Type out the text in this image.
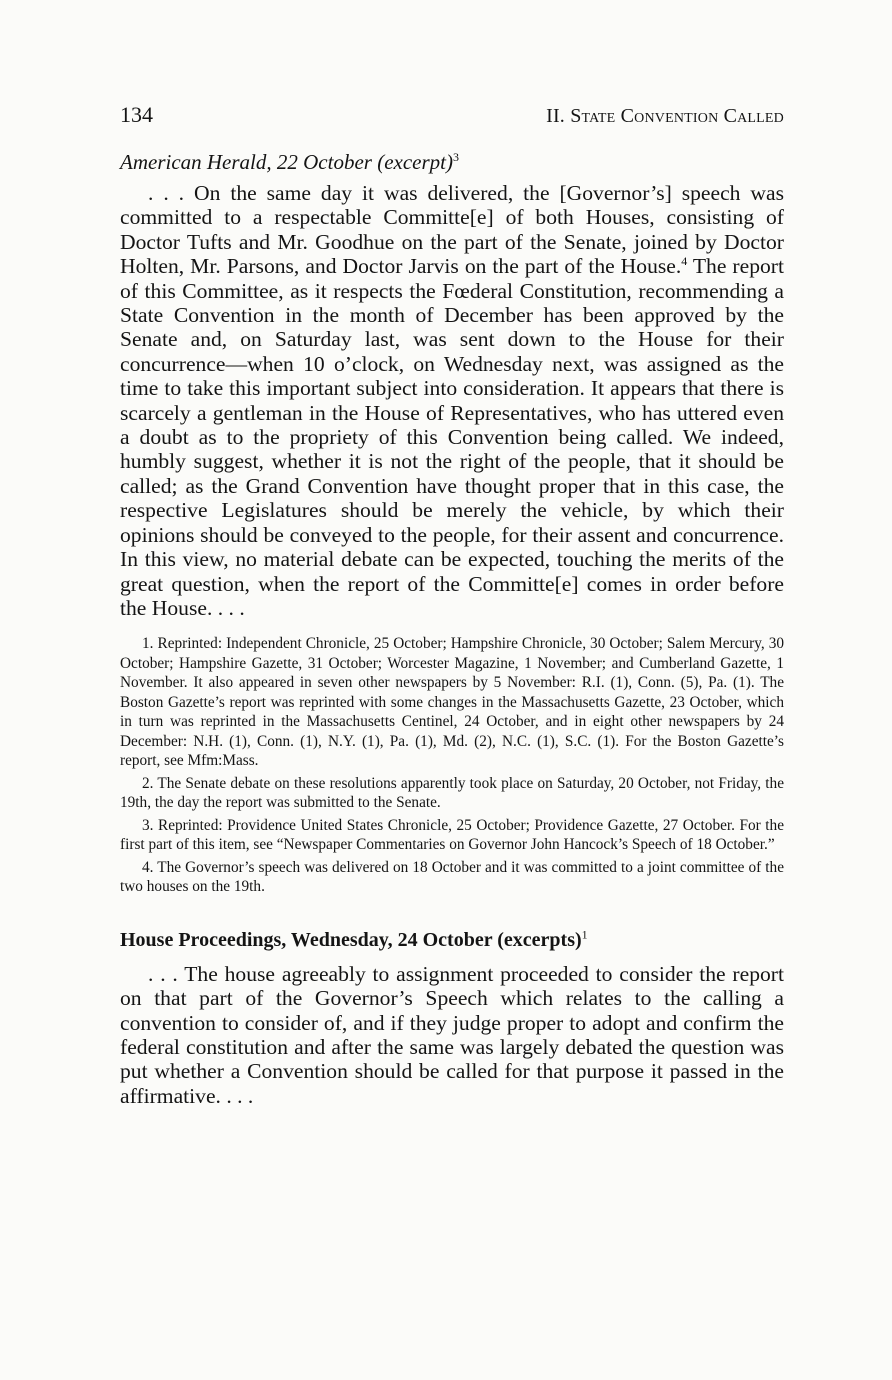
134	II. State Convention Called
American Herald, 22 October (excerpt)$^3$

. . . On the same day it was delivered, the [Governor’s] speech was committed to a respectable Committe[e] of both Houses, consisting of Doctor Tufts and Mr. Goodhue on the part of the Senate, joined by Doctor Holten, Mr. Parsons, and Doctor Jarvis on the part of the House.$^4$ The report of this Committee, as it respects the Fœderal Constitution, recommending a State Convention in the month of December has been approved by the Senate and, on Saturday last, was sent down to the House for their concurrence—when 10 o’clock, on Wednesday next, was assigned as the time to take this important subject into consideration. It appears that there is scarcely a gentleman in the House of Representatives, who has uttered even a doubt as to the propriety of this Convention being called. We indeed, humbly suggest, whether it is not the right of the people, that it should be called; as the Grand Convention have thought proper that in this case, the respective Legislatures should be merely the vehicle, by which their opinions should be conveyed to the people, for their assent and concurrence. In this view, no material debate can be expected, touching the merits of the great question, when the report of the Committe[e] comes in order before the House. . . .

1. Reprinted: Independent Chronicle, 25 October; Hampshire Chronicle, 30 October; Salem Mercury, 30 October; Hampshire Gazette, 31 October; Worcester Magazine, 1 November; and Cumberland Gazette, 1 November. It also appeared in seven other newspapers by 5 November: R.I. (1), Conn. (5), Pa. (1). The Boston Gazette’s report was reprinted with some changes in the Massachusetts Gazette, 23 October, which in turn was reprinted in the Massachusetts Centinel, 24 October, and in eight other newspapers by 24 December: N.H. (1), Conn. (1), N.Y. (1), Pa. (1), Md. (2), N.C. (1), S.C. (1). For the Boston Gazette’s report, see Mfm:Mass.

2. The Senate debate on these resolutions apparently took place on Saturday, 20 October, not Friday, the 19th, the day the report was submitted to the Senate.

3. Reprinted: Providence United States Chronicle, 25 October; Providence Gazette, 27 October. For the first part of this item, see “Newspaper Commentaries on Governor John Hancock’s Speech of 18 October.”

4. The Governor’s speech was delivered on 18 October and it was committed to a joint committee of the two houses on the 19th.

House Proceedings, Wednesday, 24 October (excerpts)$^1$

. . . The house agreeably to assignment proceeded to consider the report on that part of the Governor’s Speech which relates to the calling a convention to consider of, and if they judge proper to adopt and confirm the federal constitution and after the same was largely debated the question was put whether a Convention should be called for that purpose it passed in the affirmative. . . .
